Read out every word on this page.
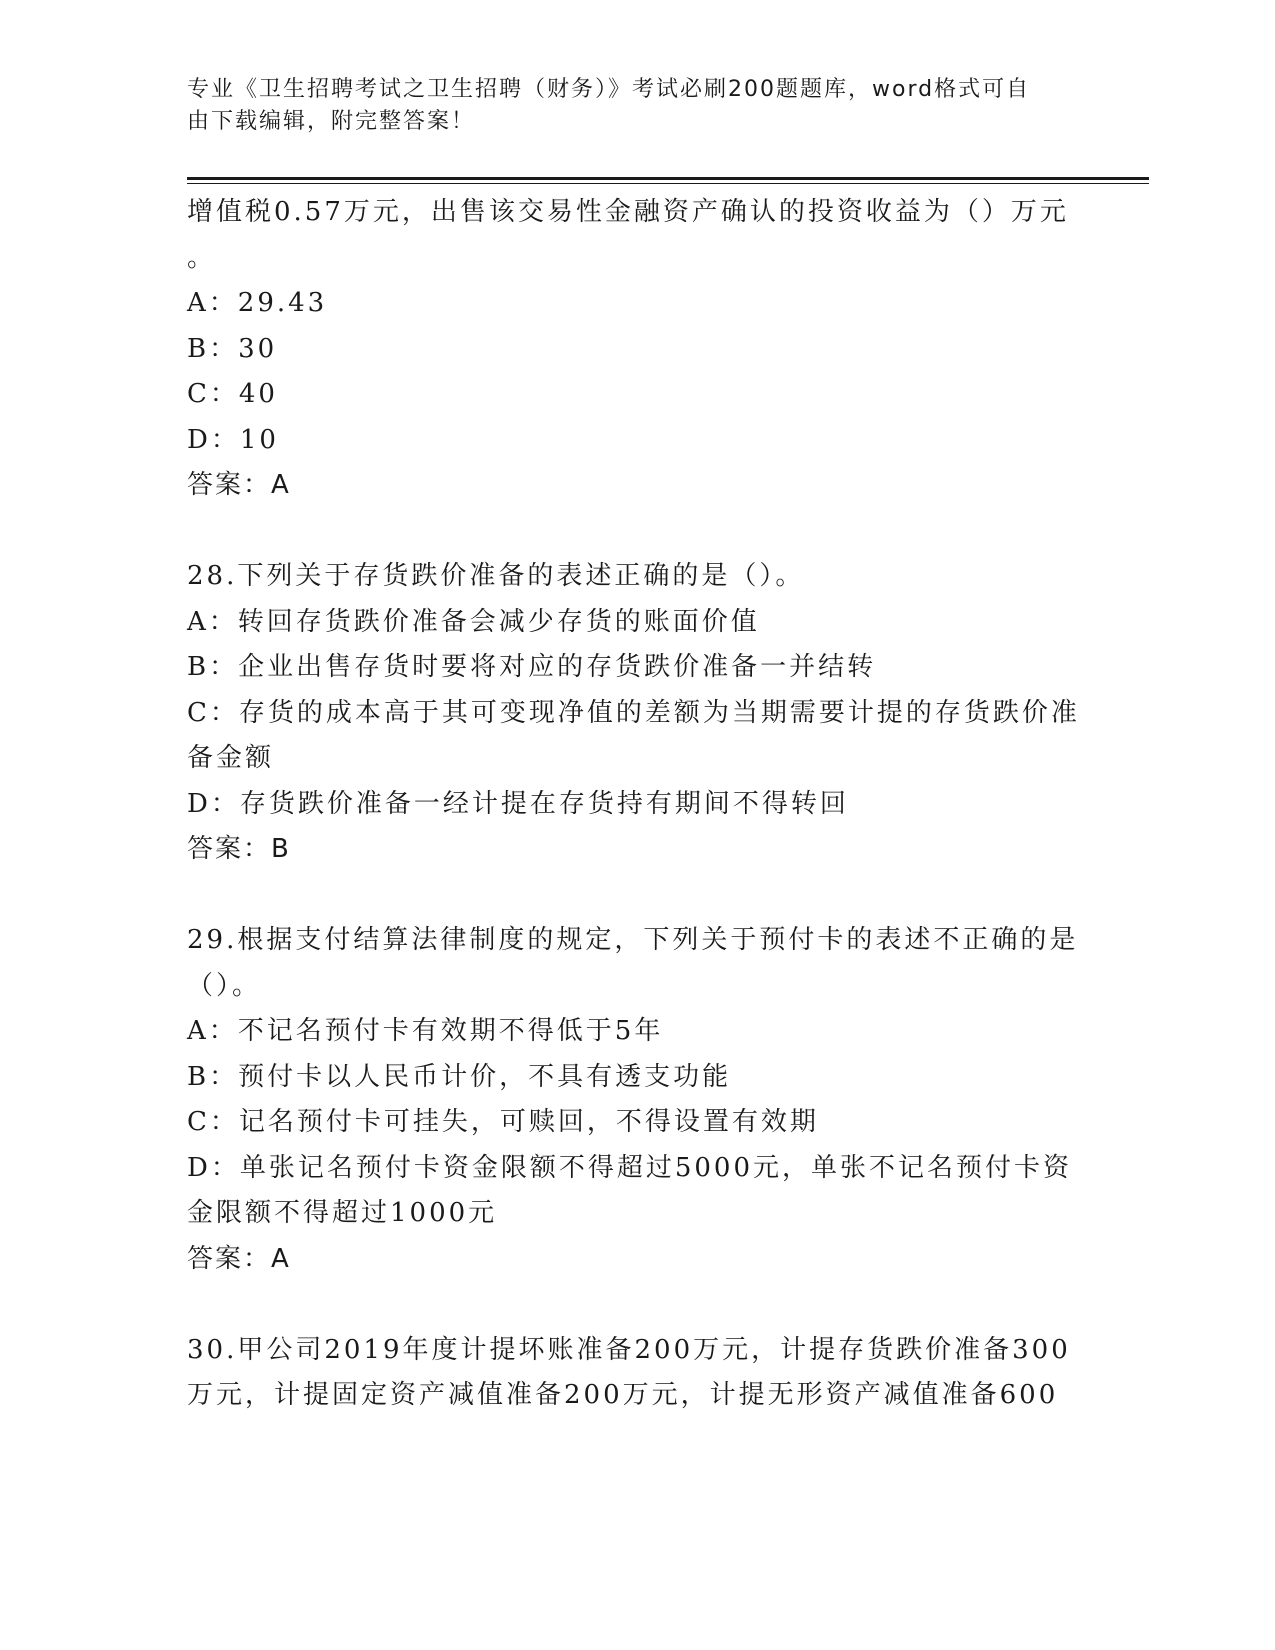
专业《卫生招聘考试之卫生招聘（财务）》考试必刷200题题库，word格式可自
由下载编辑，附完整答案！
增值税0.57万元，出售该交易性金融资产确认的投资收益为（）万元
。
A：29.43
B：30
C：40
D：10
答案：A
28.下列关于存货跌价准备的表述正确的是（）。
A：转回存货跌价准备会减少存货的账面价值
B：企业出售存货时要将对应的存货跌价准备一并结转
C：存货的成本高于其可变现净值的差额为当期需要计提的存货跌价准
备金额
D：存货跌价准备一经计提在存货持有期间不得转回
答案：B
29.根据支付结算法律制度的规定，下列关于预付卡的表述不正确的是
（）。
A：不记名预付卡有效期不得低于5年
B：预付卡以人民币计价，不具有透支功能
C：记名预付卡可挂失，可赎回，不得设置有效期
D：单张记名预付卡资金限额不得超过5000元，单张不记名预付卡资
金限额不得超过1000元
答案：A
30.甲公司2019年度计提坏账准备200万元，计提存货跌价准备300
万元，计提固定资产减值准备200万元，计提无形资产减值准备600
